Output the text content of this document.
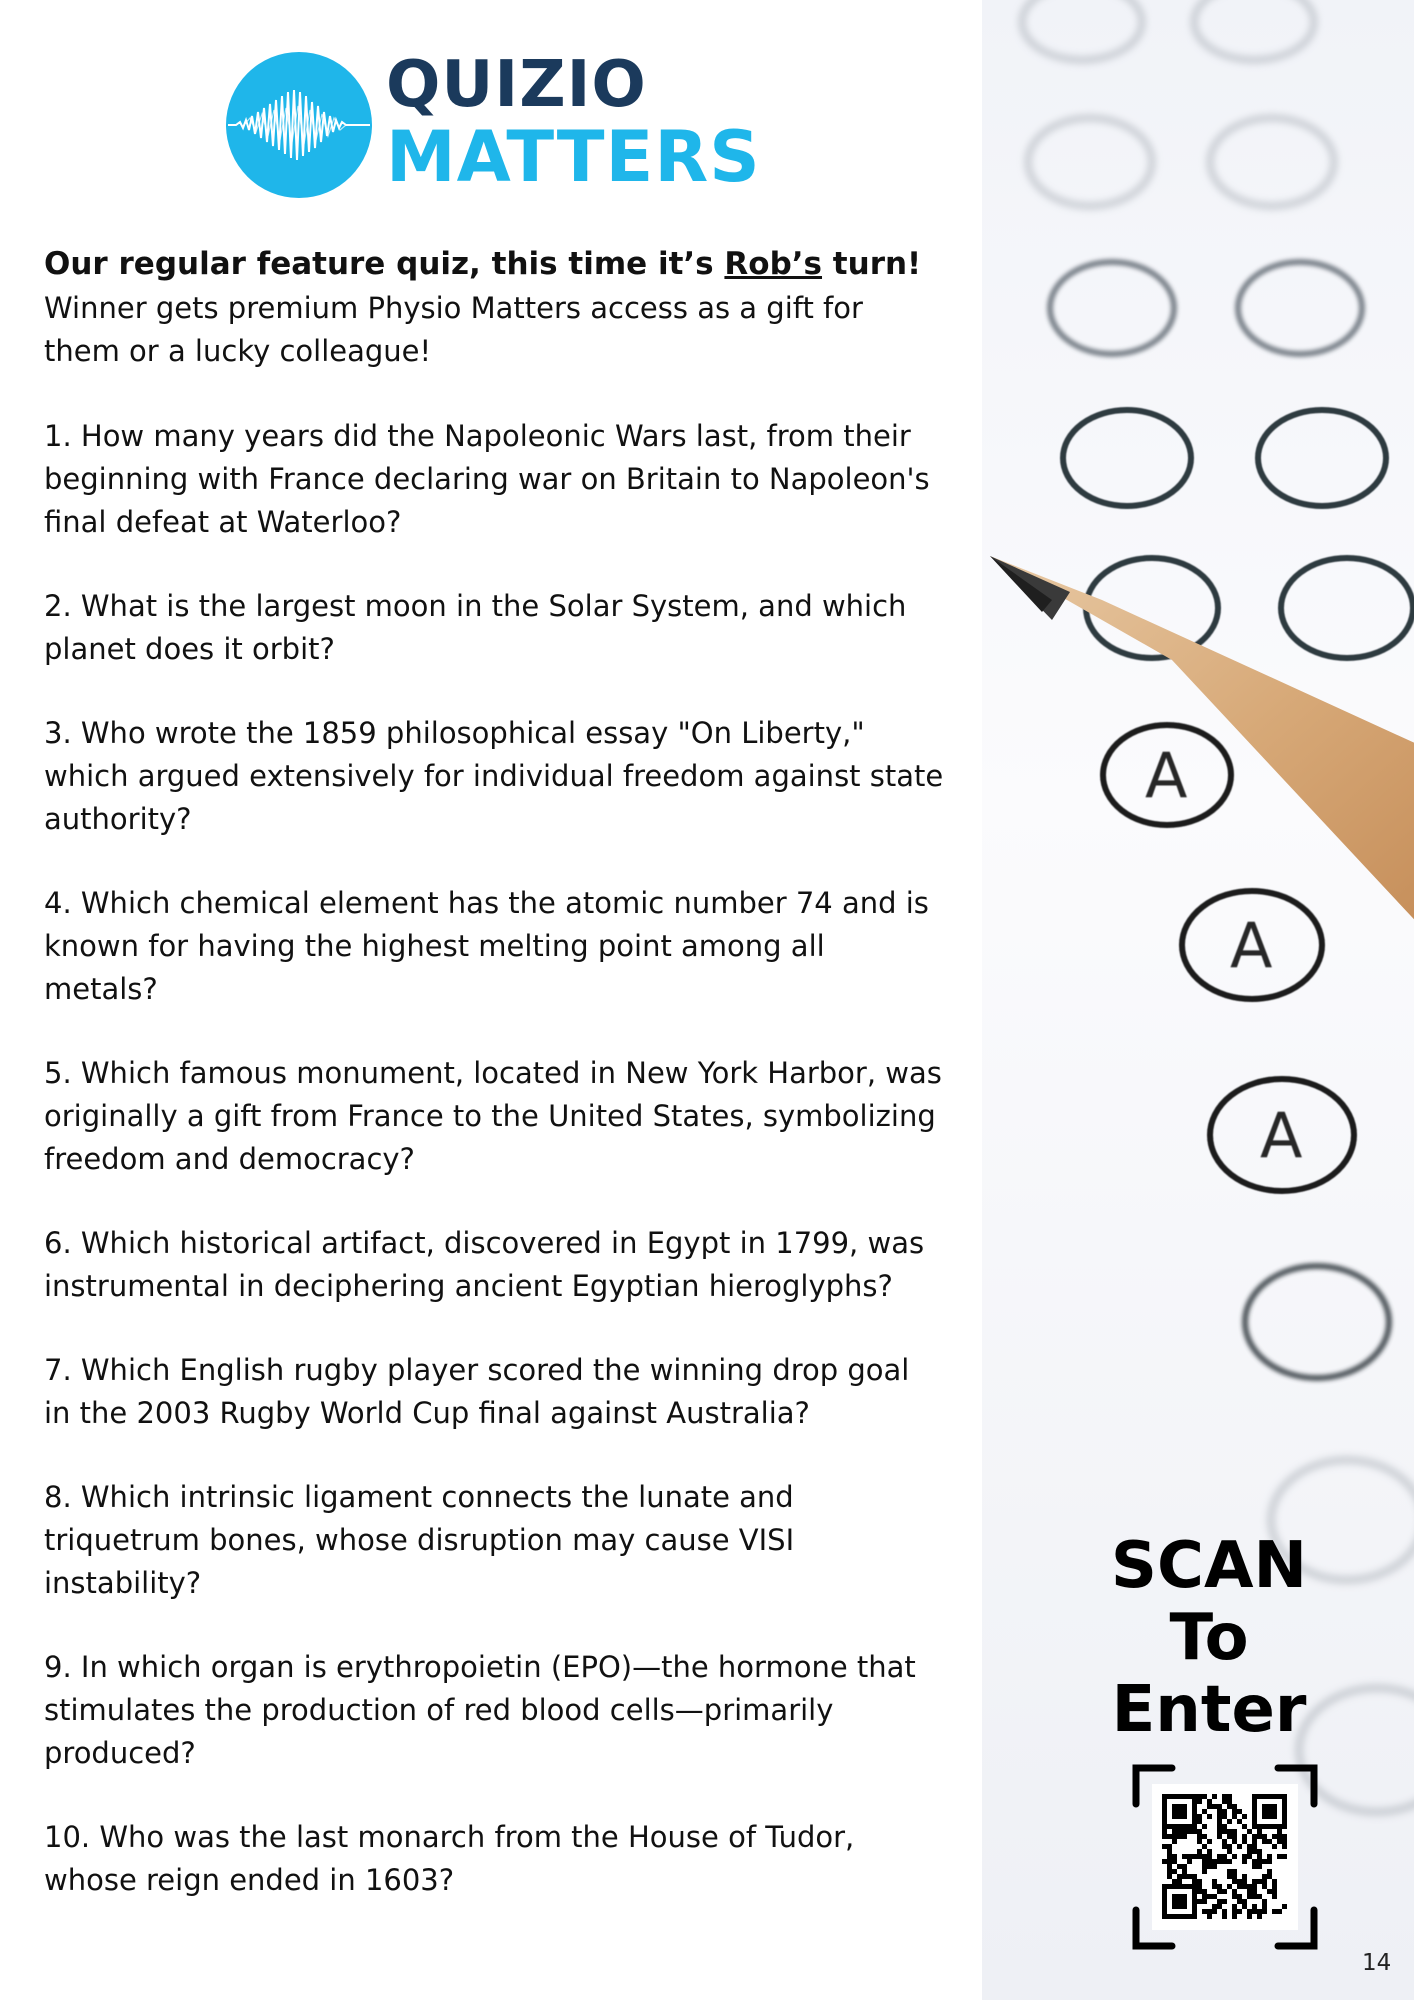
QUIZIO
MATTERS
Our regular feature quiz, this time it’s Rob’s turn!
Winner gets premium Physio Matters access as a gift for them or a lucky colleague!
1. How many years did the Napoleonic Wars last, from their beginning with France declaring war on Britain to Napoleon's final defeat at Waterloo?
2. What is the largest moon in the Solar System, and which planet does it orbit?
3. Who wrote the 1859 philosophical essay "On Liberty," which argued extensively for individual freedom against state authority?
4. Which chemical element has the atomic number 74 and is known for having the highest melting point among all metals?
5. Which famous monument, located in New York Harbor, was originally a gift from France to the United States, symbolizing freedom and democracy?
6. Which historical artifact, discovered in Egypt in 1799, was instrumental in deciphering ancient Egyptian hieroglyphs?
7. Which English rugby player scored the winning drop goal in the 2003 Rugby World Cup final against Australia?
8. Which intrinsic ligament connects the lunate and triquetrum bones, whose disruption may cause VISI instability?
9. In which organ is erythropoietin (EPO)—the hormone that stimulates the production of red blood cells—primarily produced?
10. Who was the last monarch from the House of Tudor, whose reign ended in 1603?
A
A
A
SCAN
To
Enter
14
